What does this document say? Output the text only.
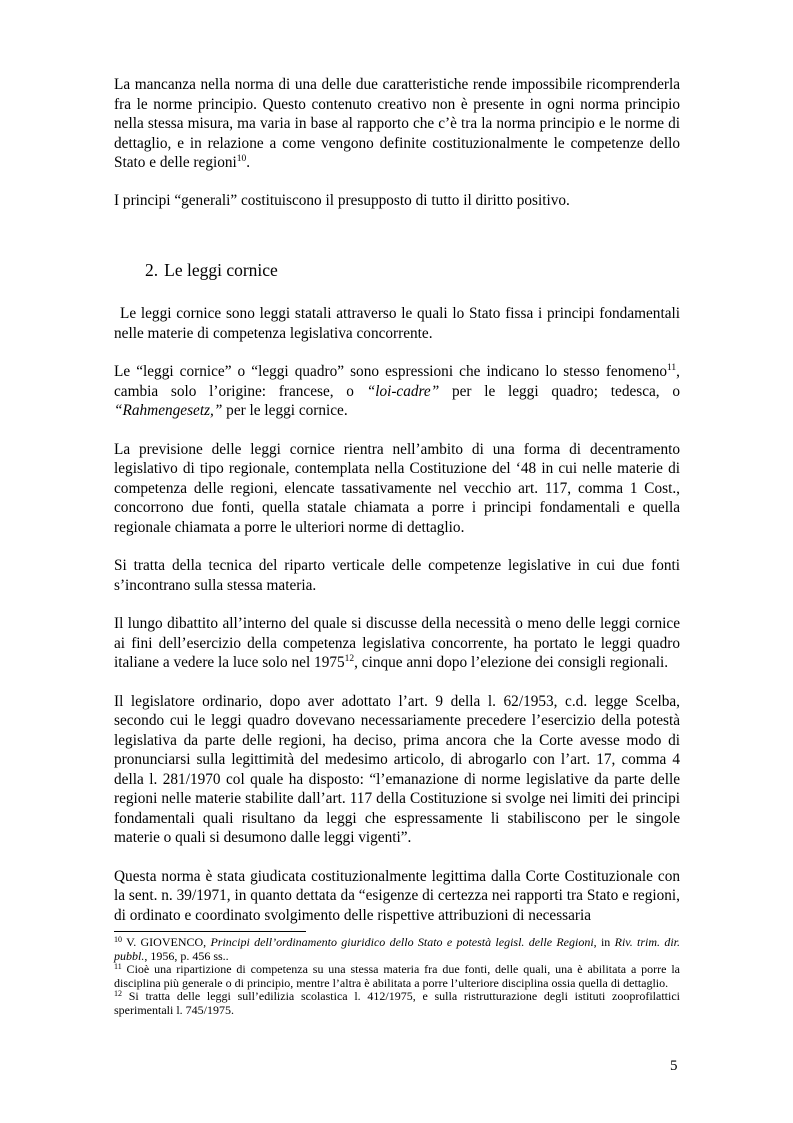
La mancanza nella norma di una delle due caratteristiche rende impossibile ricomprenderla fra le norme principio. Questo contenuto creativo non è presente in ogni norma principio nella stessa misura, ma varia in base al rapporto che c’è tra la norma principio e le norme di dettaglio, e in relazione a come vengono definite costituzionalmente le competenze dello Stato e delle regioni$^{10}$.

I principi “generali” costituiscono il presupposto di tutto il diritto positivo.

2. Le leggi cornice

Le leggi cornice sono leggi statali attraverso le quali lo Stato fissa i principi fondamentali nelle materie di competenza legislativa concorrente.

Le “leggi cornice” o “leggi quadro” sono espressioni che indicano lo stesso fenomeno$^{11}$, cambia solo l’origine: francese, o “loi-cadre” per le leggi quadro; tedesca, o “Rahmengesetz,” per le leggi cornice.

La previsione delle leggi cornice rientra nell’ambito di una forma di decentramento legislativo di tipo regionale, contemplata nella Costituzione del ‘48 in cui nelle materie di competenza delle regioni, elencate tassativamente nel vecchio art. 117, comma 1 Cost., concorrono due fonti, quella statale chiamata a porre i principi fondamentali e quella regionale chiamata a porre le ulteriori norme di dettaglio.

Si tratta della tecnica del riparto verticale delle competenze legislative in cui due fonti s’incontrano sulla stessa materia.

Il lungo dibattito all’interno del quale si discusse della necessità o meno delle leggi cornice ai fini dell’esercizio della competenza legislativa concorrente, ha portato le leggi quadro italiane a vedere la luce solo nel 1975$^{12}$, cinque anni dopo l’elezione dei consigli regionali.

Il legislatore ordinario, dopo aver adottato l’art. 9 della l. 62/1953, c.d. legge Scelba, secondo cui le leggi quadro dovevano necessariamente precedere l’esercizio della potestà legislativa da parte delle regioni, ha deciso, prima ancora che la Corte avesse modo di pronunciarsi sulla legittimità del medesimo articolo, di abrogarlo con l’art. 17, comma 4 della l. 281/1970 col quale ha disposto: “l’emanazione di norme legislative da parte delle regioni nelle materie stabilite dall’art. 117 della Costituzione si svolge nei limiti dei principi fondamentali quali risultano da leggi che espressamente li stabiliscono per le singole materie o quali si desumono dalle leggi vigenti”.

Questa norma è stata giudicata costituzionalmente legittima dalla Corte Costituzionale con la sent. n. 39/1971, in quanto dettata da “esigenze di certezza nei rapporti tra Stato e regioni, di ordinato e coordinato svolgimento delle rispettive attribuzioni di necessaria

$^{10}$ V. GIOVENCO, Principi dell’ordinamento giuridico dello Stato e potestà legisl. delle Regioni, in Riv. trim. dir. pubbl., 1956, p. 456 ss..

$^{11}$ Cioè una ripartizione di competenza su una stessa materia fra due fonti, delle quali, una è abilitata a porre la disciplina più generale o di principio, mentre l’altra è abilitata a porre l’ulteriore disciplina ossia quella di dettaglio.

$^{12}$ Si tratta delle leggi sull’edilizia scolastica l. 412/1975, e sulla ristrutturazione degli istituti zooprofilattici sperimentali l. 745/1975.

5
